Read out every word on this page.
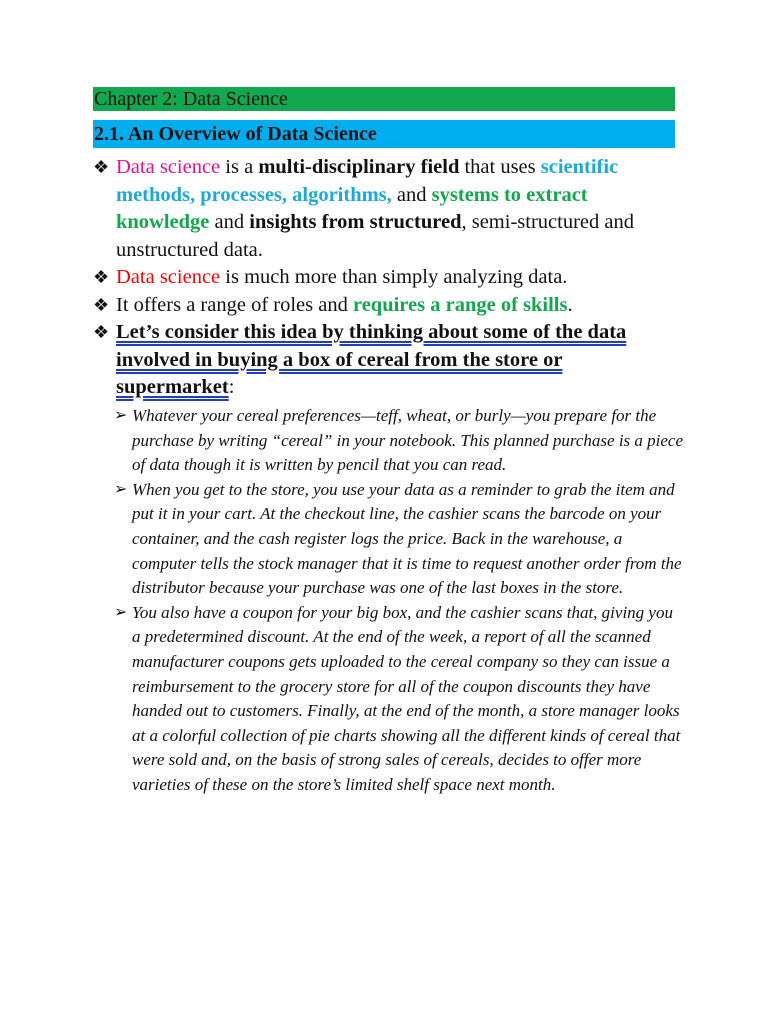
Chapter 2: Data Science
2.1. An Overview of Data Science
❖ Data science is a multi-disciplinary field that uses scientific methods, processes, algorithms, and systems to extract knowledge and insights from structured, semi-structured and unstructured data.
❖ Data science is much more than simply analyzing data.
❖ It offers a range of roles and requires a range of skills.
❖ Let’s consider this idea by thinking about some of the data involved in buying a box of cereal from the store or supermarket:
➢ Whatever your cereal preferences—teff, wheat, or burly—you prepare for the purchase by writing “cereal” in your notebook. This planned purchase is a piece of data though it is written by pencil that you can read.
➢ When you get to the store, you use your data as a reminder to grab the item and put it in your cart. At the checkout line, the cashier scans the barcode on your container, and the cash register logs the price. Back in the warehouse, a computer tells the stock manager that it is time to request another order from the distributor because your purchase was one of the last boxes in the store.
➢ You also have a coupon for your big box, and the cashier scans that, giving you a predetermined discount. At the end of the week, a report of all the scanned manufacturer coupons gets uploaded to the cereal company so they can issue a reimbursement to the grocery store for all of the coupon discounts they have handed out to customers. Finally, at the end of the month, a store manager looks at a colorful collection of pie charts showing all the different kinds of cereal that were sold and, on the basis of strong sales of cereals, decides to offer more varieties of these on the store’s limited shelf space next month.
